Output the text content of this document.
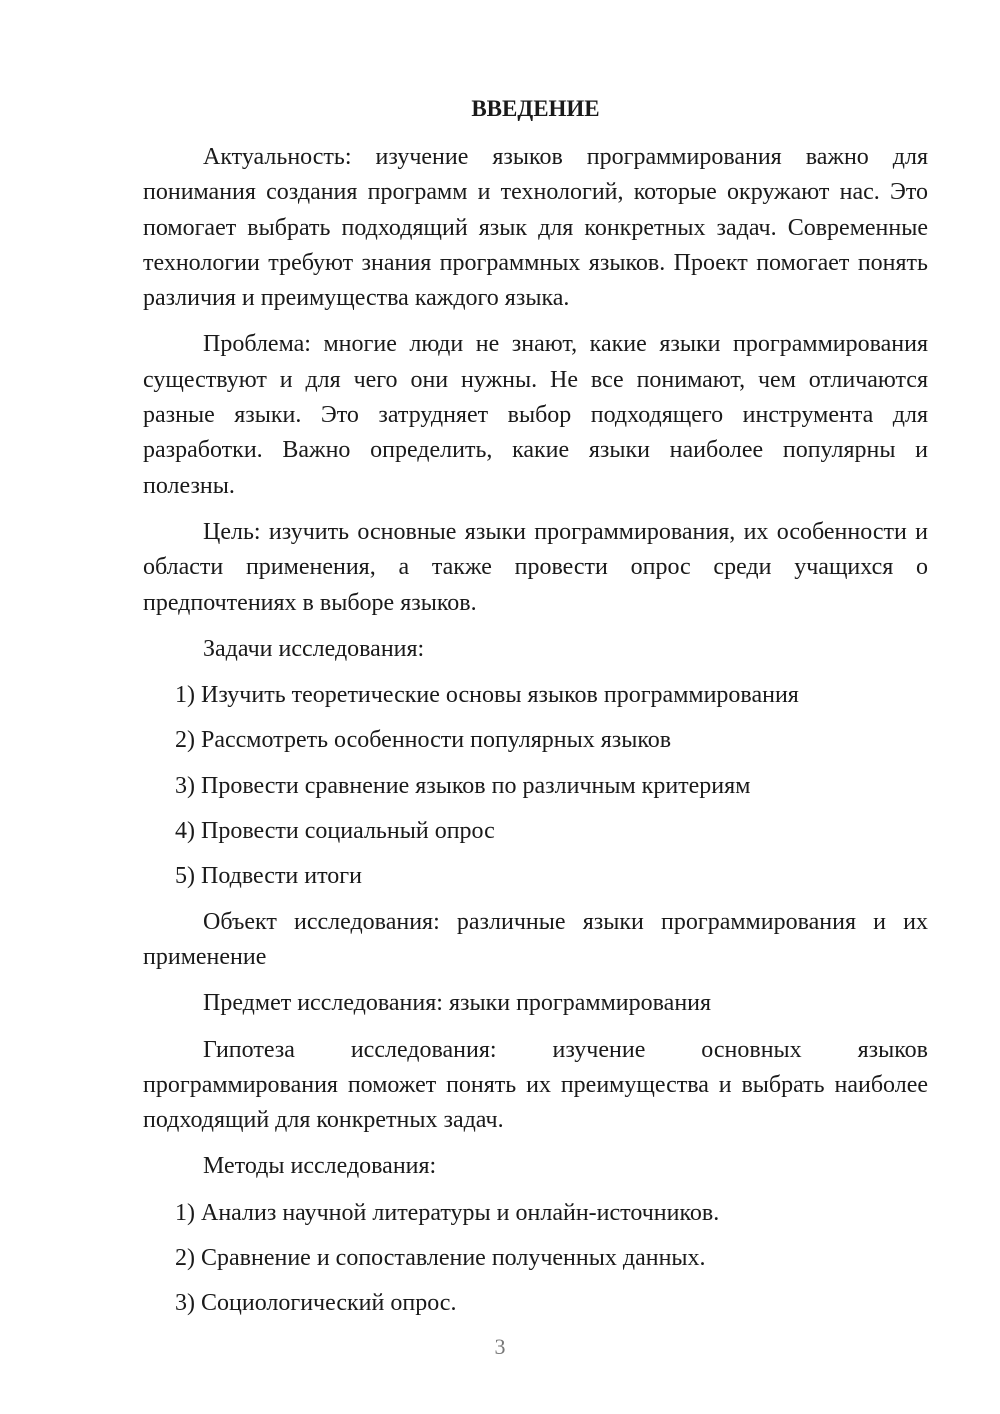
ВВЕДЕНИЕ

Актуальность: изучение языков программирования важно для понимания создания программ и технологий, которые окружают нас. Это помогает выбрать подходящий язык для конкретных задач. Современные технологии требуют знания программных языков. Проект помогает понять различия и преимущества каждого языка.

Проблема: многие люди не знают, какие языки программирования существуют и для чего они нужны. Не все понимают, чем отличаются разные языки. Это затрудняет выбор подходящего инструмента для разработки. Важно определить, какие языки наиболее популярны и полезны.

Цель: изучить основные языки программирования, их особенности и области применения, а также провести опрос среди учащихся о предпочтениях в выборе языков.

Задачи исследования:

1) Изучить теоретические основы языков программирования
2) Рассмотреть особенности популярных языков
3) Провести сравнение языков по различным критериям
4) Провести социальный опрос
5) Подвести итоги

Объект исследования: различные языки программирования и их применение

Предмет исследования: языки программирования

Гипотеза исследования: изучение основных языков

программирования поможет понять их преимущества и выбрать наиболее подходящий для конкретных задач.

Методы исследования:

1) Анализ научной литературы и онлайн-источников.
2) Сравнение и сопоставление полученных данных.
3) Социологический опрос.
3
